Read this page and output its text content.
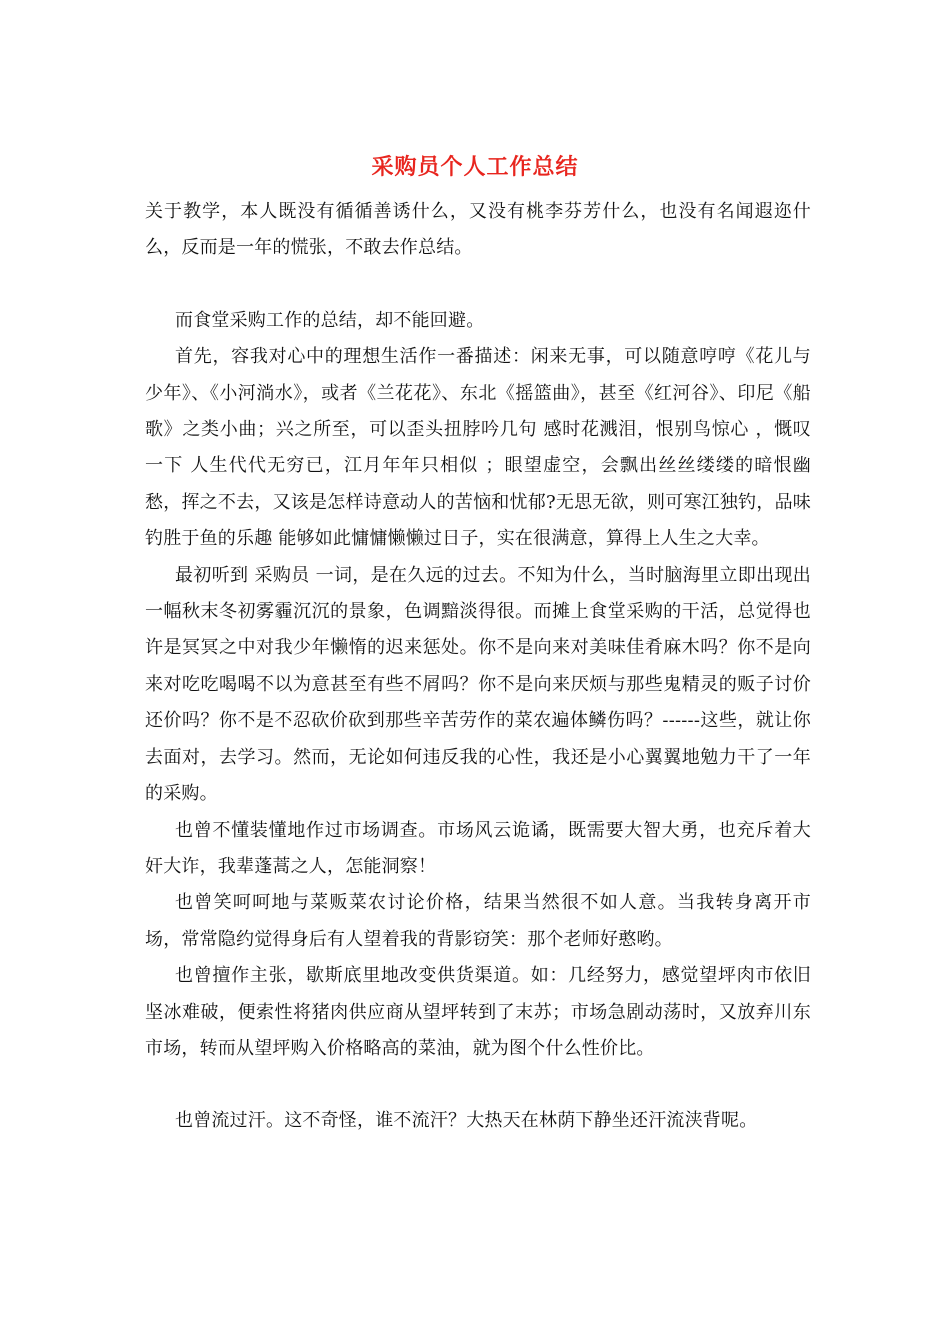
采购员个人工作总结

关于教学，本人既没有循循善诱什么，又没有桃李芬芳什么，也没有名闻遐迩什么，反而是一年的慌张，不敢去作总结。

而食堂采购工作的总结，却不能回避。

首先，容我对心中的理想生活作一番描述：闲来无事，可以随意哼哼《花儿与少年》、《小河淌水》，或者《兰花花》、东北《摇篮曲》，甚至《红河谷》、印尼《船歌》之类小曲；兴之所至，可以歪头扭脖吟几句 感时花溅泪，恨别鸟惊心 ，慨叹一下 人生代代无穷已，江月年年只相似 ；眼望虚空，会飘出丝丝缕缕的暗恨幽愁，挥之不去，又该是怎样诗意动人的苦恼和忧郁?无思无欲，则可寒江独钓，品味钓胜于鱼的乐趣 能够如此慵慵懒懒过日子，实在很满意，算得上人生之大幸。

最初听到 采购员 一词，是在久远的过去。不知为什么，当时脑海里立即出现出一幅秋末冬初雾霾沉沉的景象，色调黯淡得很。而摊上食堂采购的干活，总觉得也许是冥冥之中对我少年懒惰的迟来惩处。你不是向来对美味佳肴麻木吗？你不是向来对吃吃喝喝不以为意甚至有些不屑吗？你不是向来厌烦与那些鬼精灵的贩子讨价还价吗？你不是不忍砍价砍到那些辛苦劳作的菜农遍体鳞伤吗？------这些，就让你去面对，去学习。然而，无论如何违反我的心性，我还是小心翼翼地勉力干了一年的采购。

也曾不懂装懂地作过市场调查。市场风云诡谲，既需要大智大勇，也充斥着大奸大诈，我辈蓬蒿之人，怎能洞察！

也曾笑呵呵地与菜贩菜农讨论价格，结果当然很不如人意。当我转身离开市场，常常隐约觉得身后有人望着我的背影窃笑：那个老师好憨哟。

也曾擅作主张，歇斯底里地改变供货渠道。如：几经努力，感觉望坪肉市依旧坚冰难破，便索性将猪肉供应商从望坪转到了末苏；市场急剧动荡时，又放弃川东市场，转而从望坪购入价格略高的菜油，就为图个什么性价比。

也曾流过汗。这不奇怪，谁不流汗？大热天在林荫下静坐还汗流浃背呢。
